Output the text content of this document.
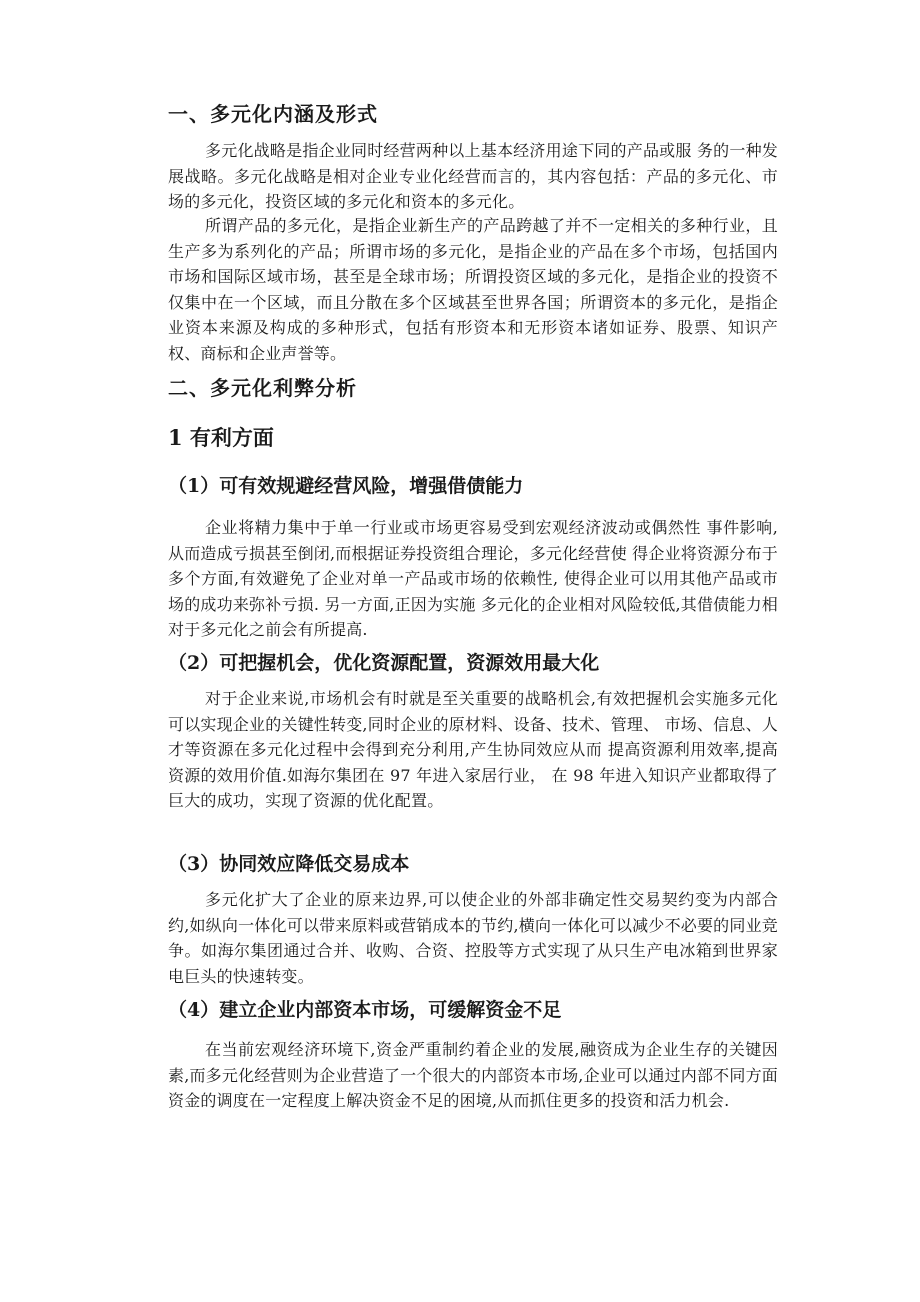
一、多元化内涵及形式

多元化战略是指企业同时经营两种以上基本经济用途下同的产品或服 务的一种发展战略。多元化战略是相对企业专业化经营而言的，其内容包括：产品的多元化、市场的多元化，投资区域的多元化和资本的多元化。

所谓产品的多元化，是指企业新生产的产品跨越了并不一定相关的多种行业，且生产多为系列化的产品；所谓市场的多元化，是指企业的产品在多个市场，包括国内市场和国际区域市场，甚至是全球市场；所谓投资区域的多元化，是指企业的投资不仅集中在一个区域，而且分散在多个区域甚至世界各国；所谓资本的多元化，是指企业资本来源及构成的多种形式，包括有形资本和无形资本诸如证券、股票、知识产权、商标和企业声誉等。

二、多元化利弊分析
1 有利方面
（1）可有效规避经营风险，增强借债能力

企业将精力集中于单一行业或市场更容易受到宏观经济波动或偶然性 事件影响,从而造成亏损甚至倒闭,而根据证券投资组合理论，多元化经营使 得企业将资源分布于多个方面,有效避免了企业对单一产品或市场的依赖性, 使得企业可以用其他产品或市场的成功来弥补亏损. 另一方面,正因为实施 多元化的企业相对风险较低,其借债能力相对于多元化之前会有所提高.

（2）可把握机会，优化资源配置，资源效用最大化

对于企业来说,市场机会有时就是至关重要的战略机会,有效把握机会实施多元化可以实现企业的关键性转变,同时企业的原材料、设备、技术、管理、 市场、信息、人才等资源在多元化过程中会得到充分利用,产生协同效应从而 提高资源利用效率,提高资源的效用价值.如海尔集团在 97 年进入家居行业， 在 98 年进入知识产业都取得了巨大的成功，实现了资源的优化配置。

（3）协同效应降低交易成本

多元化扩大了企业的原来边界,可以使企业的外部非确定性交易契约变为内部合约,如纵向一体化可以带来原料或营销成本的节约,横向一体化可以减少不必要的同业竞争。如海尔集团通过合并、收购、合资、控股等方式实现了从只生产电冰箱到世界家电巨头的快速转变。

（4）建立企业内部资本市场，可缓解资金不足

在当前宏观经济环境下,资金严重制约着企业的发展,融资成为企业生存的关键因素,而多元化经营则为企业营造了一个很大的内部资本市场,企业可以通过内部不同方面资金的调度在一定程度上解决资金不足的困境,从而抓住更多的投资和活力机会.
